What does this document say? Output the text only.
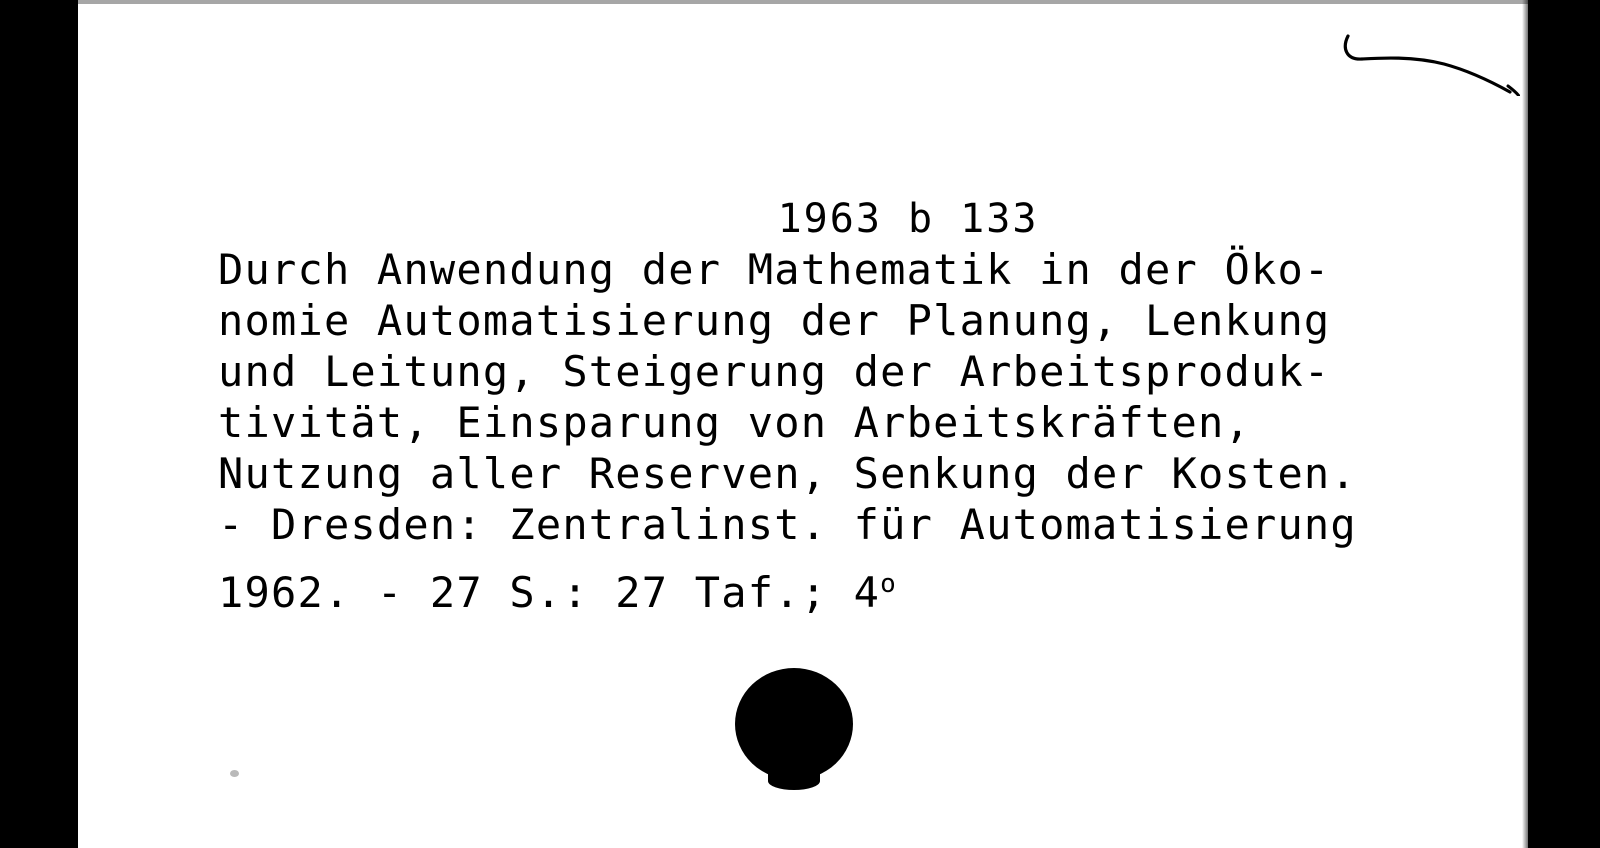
1963 b 133
Durch Anwendung der Mathematik in der Öko-
nomie Automatisierung der Planung, Lenkung
und Leitung, Steigerung der Arbeitsproduk-
tivität, Einsparung von Arbeitskräften,
Nutzung aller Reserven, Senkung der Kosten.
- Dresden: Zentralinst. für Automatisierung
1962. - 27 S.: 27 Taf.; 4$^o$
